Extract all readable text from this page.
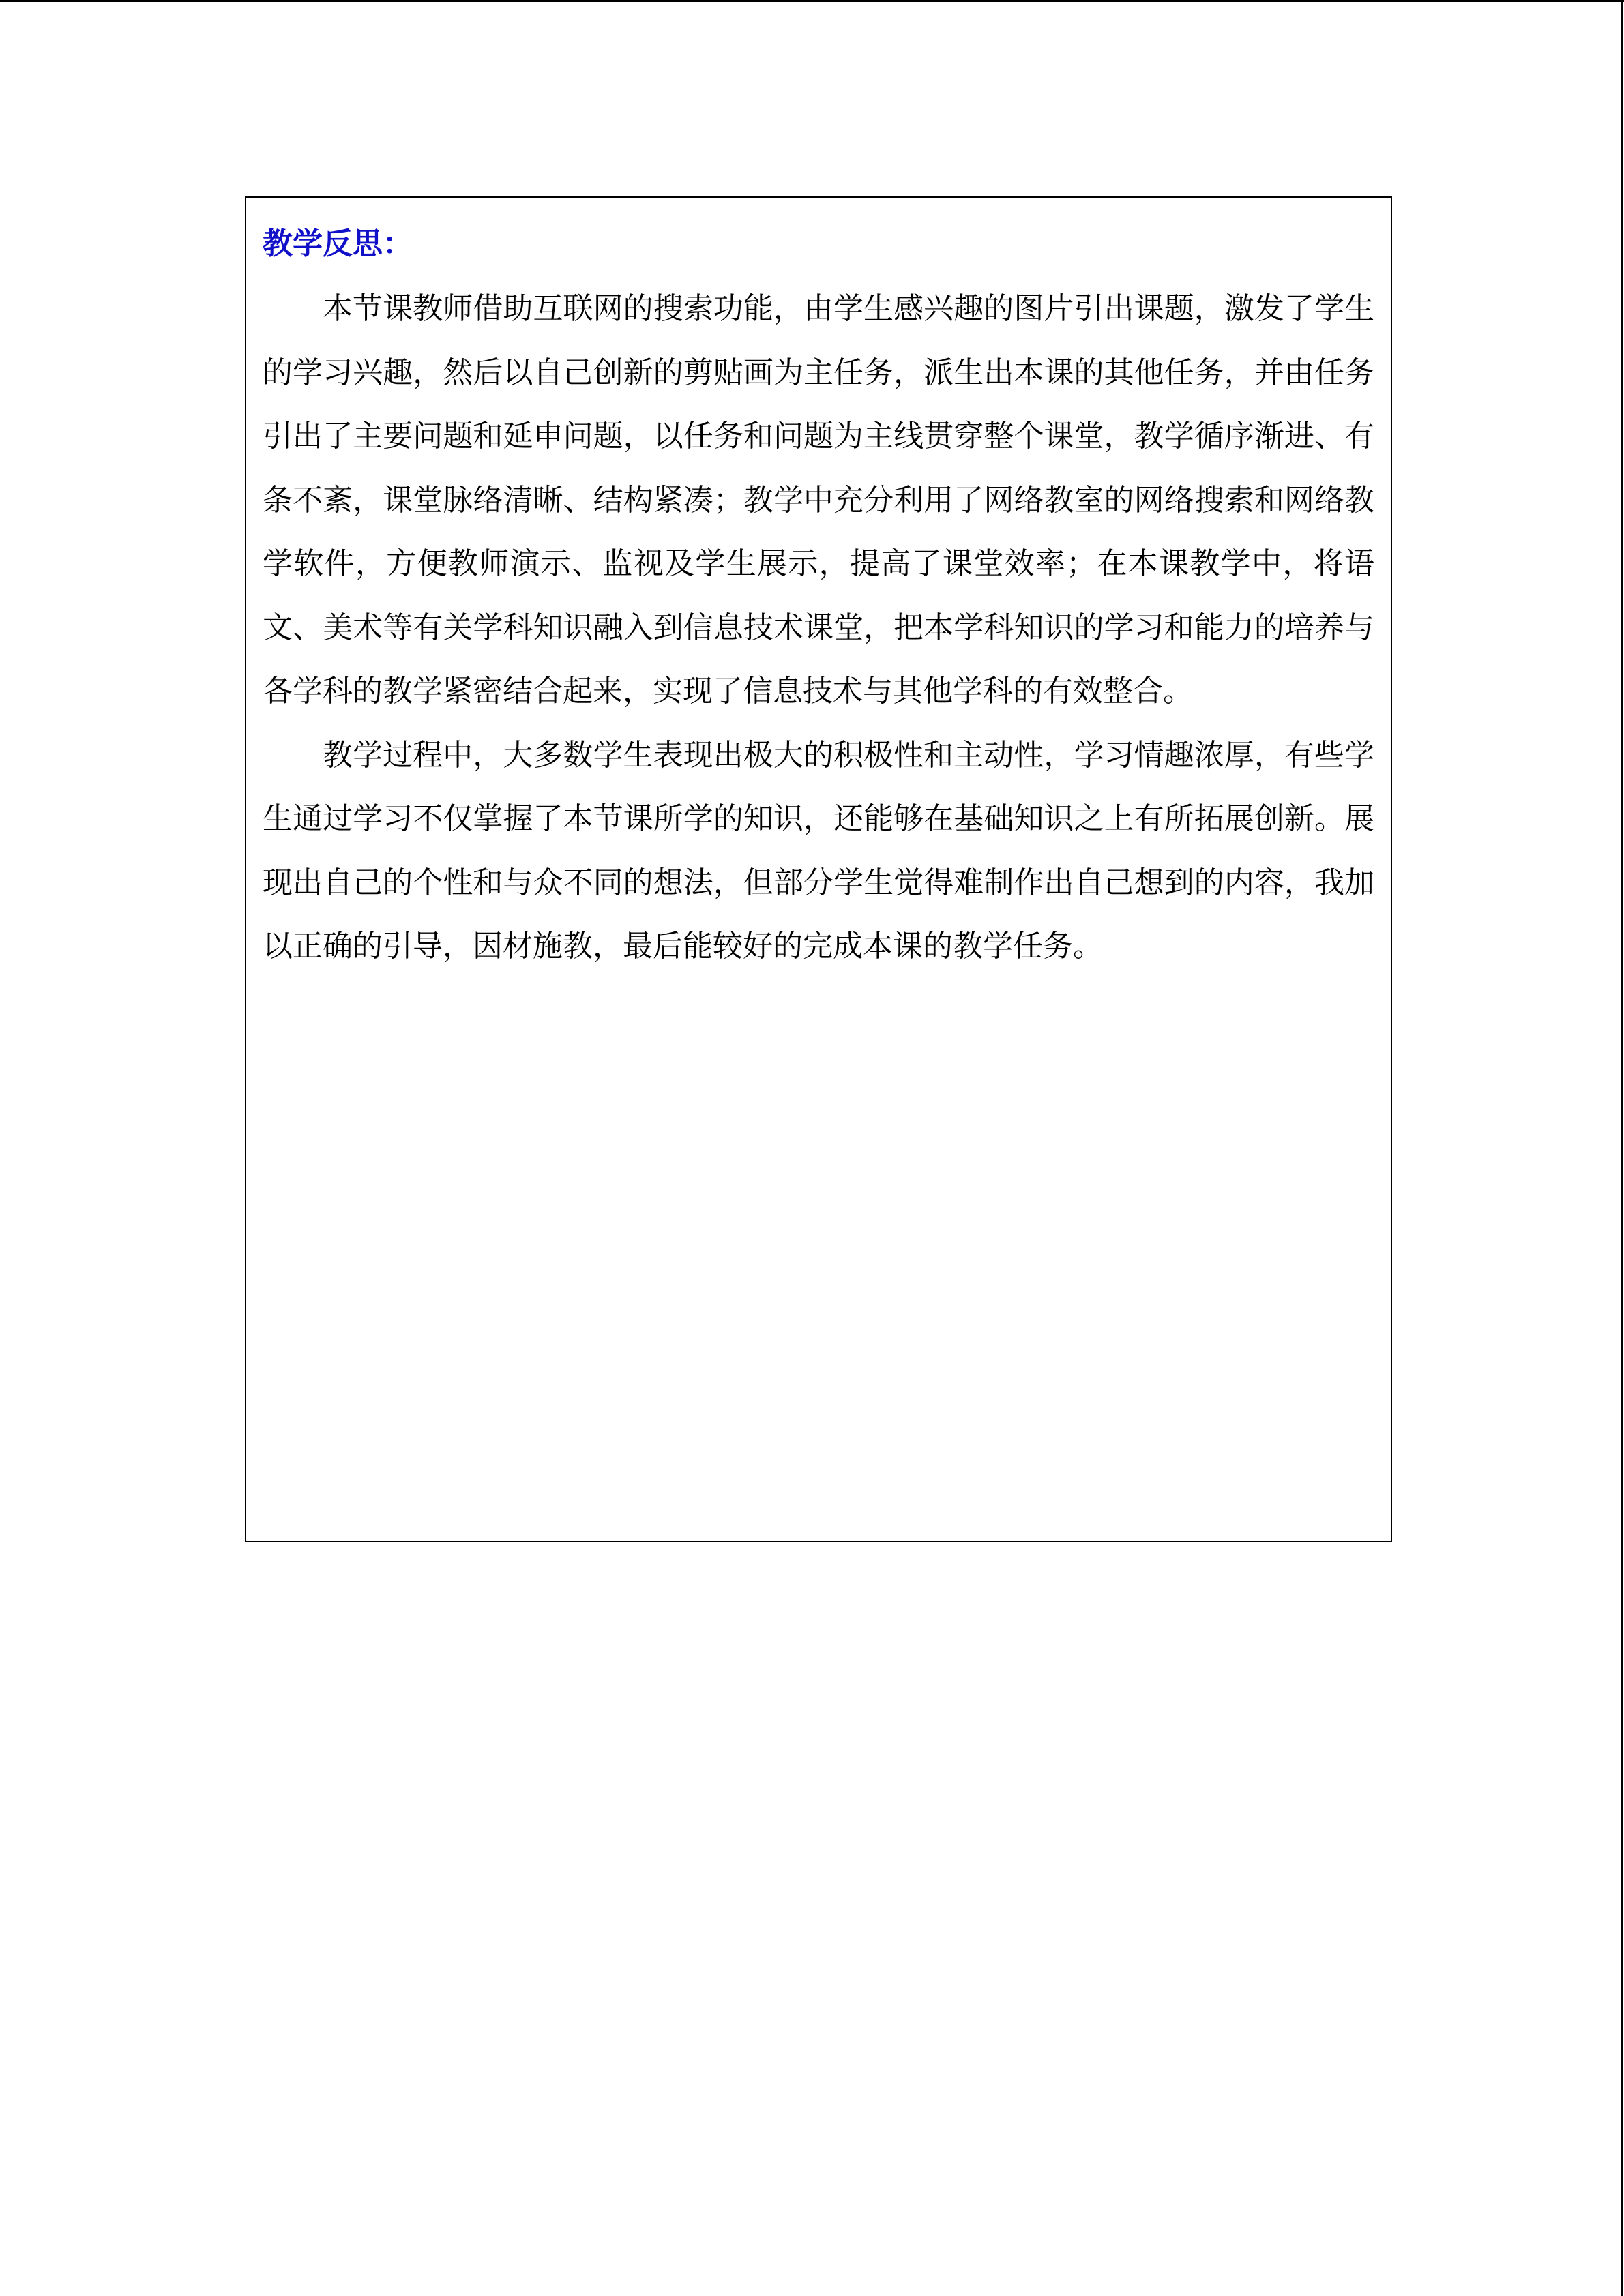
教学反思：

本节课教师借助互联网的搜索功能，由学生感兴趣的图片引出课题，激发了学生的学习兴趣，然后以自己创新的剪贴画为主任务，派生出本课的其他任务，并由任务引出了主要问题和延申问题，以任务和问题为主线贯穿整个课堂，教学循序渐进、有条不紊，课堂脉络清晰、结构紧凑；教学中充分利用了网络教室的网络搜索和网络教学软件，方便教师演示、监视及学生展示，提高了课堂效率；在本课教学中，将语文、美术等有关学科知识融入到信息技术课堂，把本学科知识的学习和能力的培养与各学科的教学紧密结合起来，实现了信息技术与其他学科的有效整合。

教学过程中，大多数学生表现出极大的积极性和主动性，学习情趣浓厚，有些学生通过学习不仅掌握了本节课所学的知识，还能够在基础知识之上有所拓展创新。展现出自己的个性和与众不同的想法，但部分学生觉得难制作出自己想到的内容，我加以正确的引导，因材施教，最后能较好的完成本课的教学任务。
